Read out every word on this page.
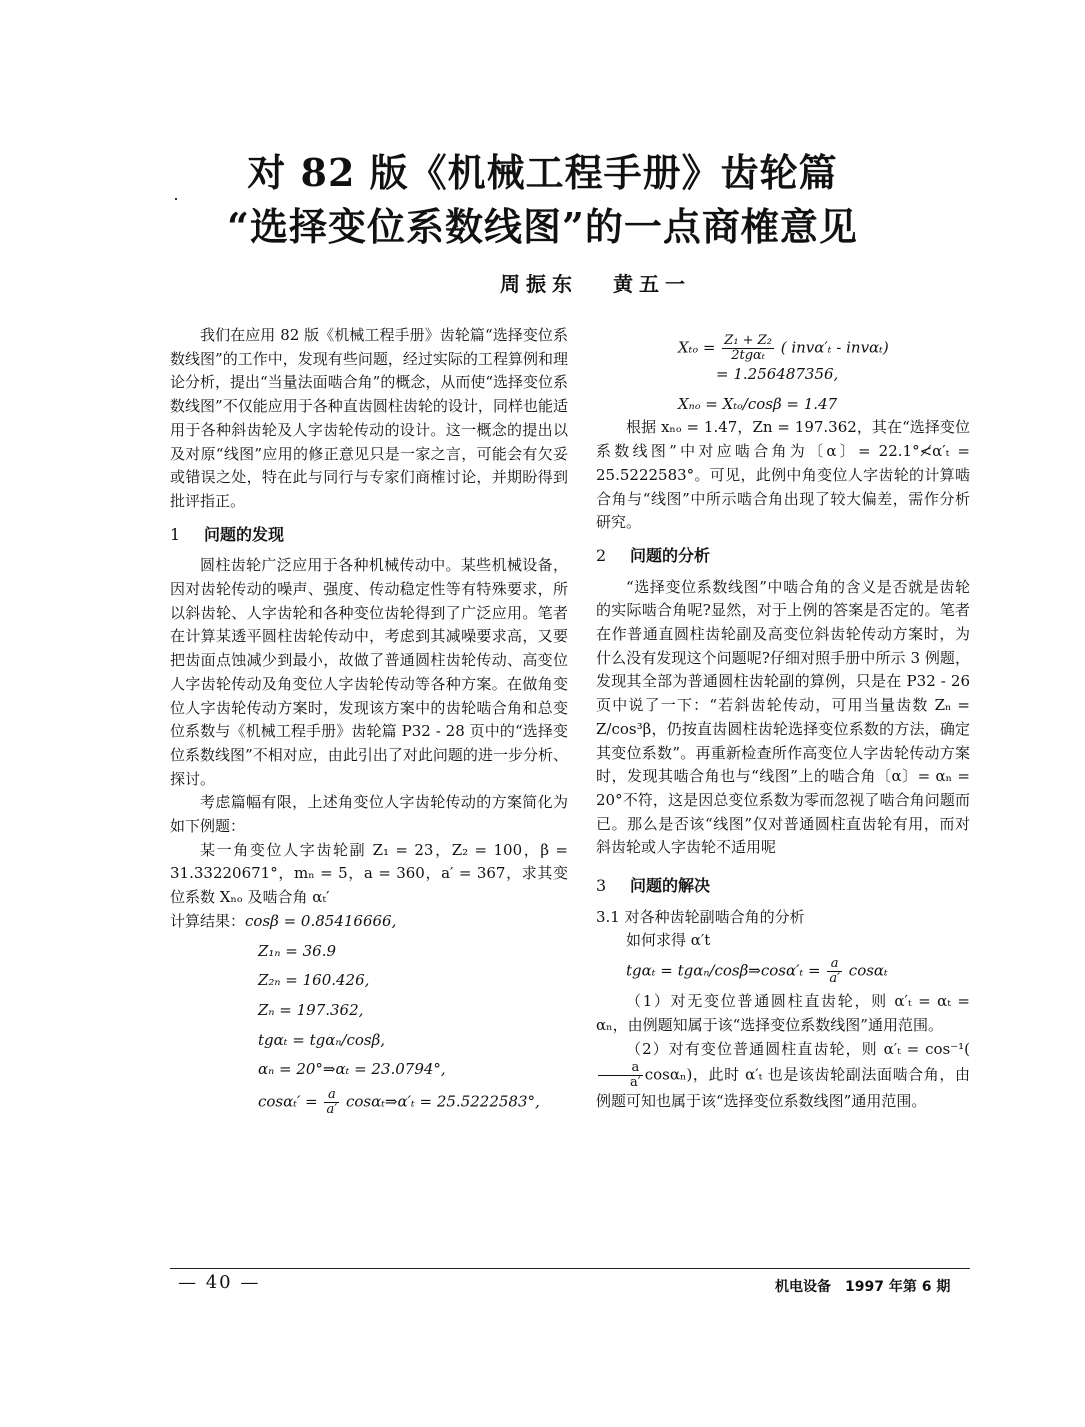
对 82 版《机械工程手册》齿轮篇
“选择变位系数线图”的一点商榷意见
周振东 黄五一

我们在应用 82 版《机械工程手册》齿轮篇“选择变位系数线图”的工作中，发现有些问题，经过实际的工程算例和理论分析，提出“当量法面啮合角”的概念，从而使“选择变位系数线图”不仅能应用于各种直齿圆柱齿轮的设计，同样也能适用于各种斜齿轮及人字齿轮传动的设计。这一概念的提出以及对原“线图”应用的修正意见只是一家之言，可能会有欠妥或错误之处，特在此与同行与专家们商榷讨论，并期盼得到批评指正。

1 问题的发现

圆柱齿轮广泛应用于各种机械传动中。某些机械设备，因对齿轮传动的噪声、强度、传动稳定性等有特殊要求，所以斜齿轮、人字齿轮和各种变位齿轮得到了广泛应用。笔者在计算某透平圆柱齿轮传动中，考虑到其减噪要求高，又要把齿面点蚀减少到最小，故做了普通圆柱齿轮传动、高变位人字齿轮传动及角变位人字齿轮传动等各种方案。在做角变位人字齿轮传动方案时，发现该方案中的齿轮啮合角和总变位系数与《机械工程手册》齿轮篇 P32 - 28 页中的“选择变位系数线图”不相对应，由此引出了对此问题的进一步分析、探讨。

考虑篇幅有限，上述角变位人字齿轮传动的方案简化为如下例题：

某一角变位人字齿轮副 Z₁ = 23，Z₂ = 100，β = 31.33220671°，mₙ = 5，a = 360，a′ = 367，求其变位系数 Xₙₒ 及啮合角 αₜ′

计算结果：cosβ = 0.85416666,
Z₁ₙ = 36.9
Z₂ₙ = 160.426,
Zₙ = 197.362,
tgαₜ = tgαₙ/cosβ,
αₙ = 20°⇒αₜ = 23.0794°,
$\cos\alpha_t' = \frac{a}{a'}$ cosαₜ⇒α′ₜ = 25.5222583°,
$X_{to} = \frac{\text{Z₁ + Z₂}}{\text{2tgαₜ}}$ ( invα′ₜ - invαₜ)
= 1.256487356,
Xₙₒ = Xₜₒ/cosβ = 1.47

根据 xₙₒ = 1.47，Zn = 197.362，其在“选择变位系数线图”中对应啮合角为〔α〕= 22.1°≮α′ₜ = 25.5222583°。可见，此例中角变位人字齿轮的计算啮合角与“线图”中所示啮合角出现了较大偏差，需作分析研究。

2 问题的分析

“选择变位系数线图”中啮合角的含义是否就是齿轮的实际啮合角呢?显然，对于上例的答案是否定的。笔者在作普通直圆柱齿轮副及高变位斜齿轮传动方案时，为什么没有发现这个问题呢?仔细对照手册中所示 3 例题，发现其全部为普通圆柱齿轮副的算例，只是在 P32 - 26 页中说了一下：“若斜齿轮传动，可用当量齿数 Zₙ = Z/cos³β，仍按直齿圆柱齿轮选择变位系数的方法，确定其变位系数”。再重新检查所作高变位人字齿轮传动方案时，发现其啮合角也与“线图”上的啮合角〔α〕= αₙ = 20°不符，这是因总变位系数为零而忽视了啮合角问题而已。那么是否该“线图”仅对普通圆柱直齿轮有用，而对斜齿轮或人字齿轮不适用呢

3 问题的解决

3.1 对各种齿轮副啮合角的分析

如何求得 α′t

tgαₜ = tgαₙ/cosβ⇒cosα′ₜ = $\frac{a}{a'}$ cosαₜ

（1）对无变位普通圆柱直齿轮，则 α′ₜ = αₜ = αₙ，由例题知属于该“选择变位系数线图”通用范围。

（2）对有变位普通圆柱直齿轮，则 α′ₜ = cos⁻¹(
$\frac{a}{a'} \cos\alpha_n$)，此时 α′ₜ 也是该齿轮副法面啮合角，由例题可知也属于该“选择变位系数线图”通用范围。

— 40 —	机电设备　1997 年第 6 期
